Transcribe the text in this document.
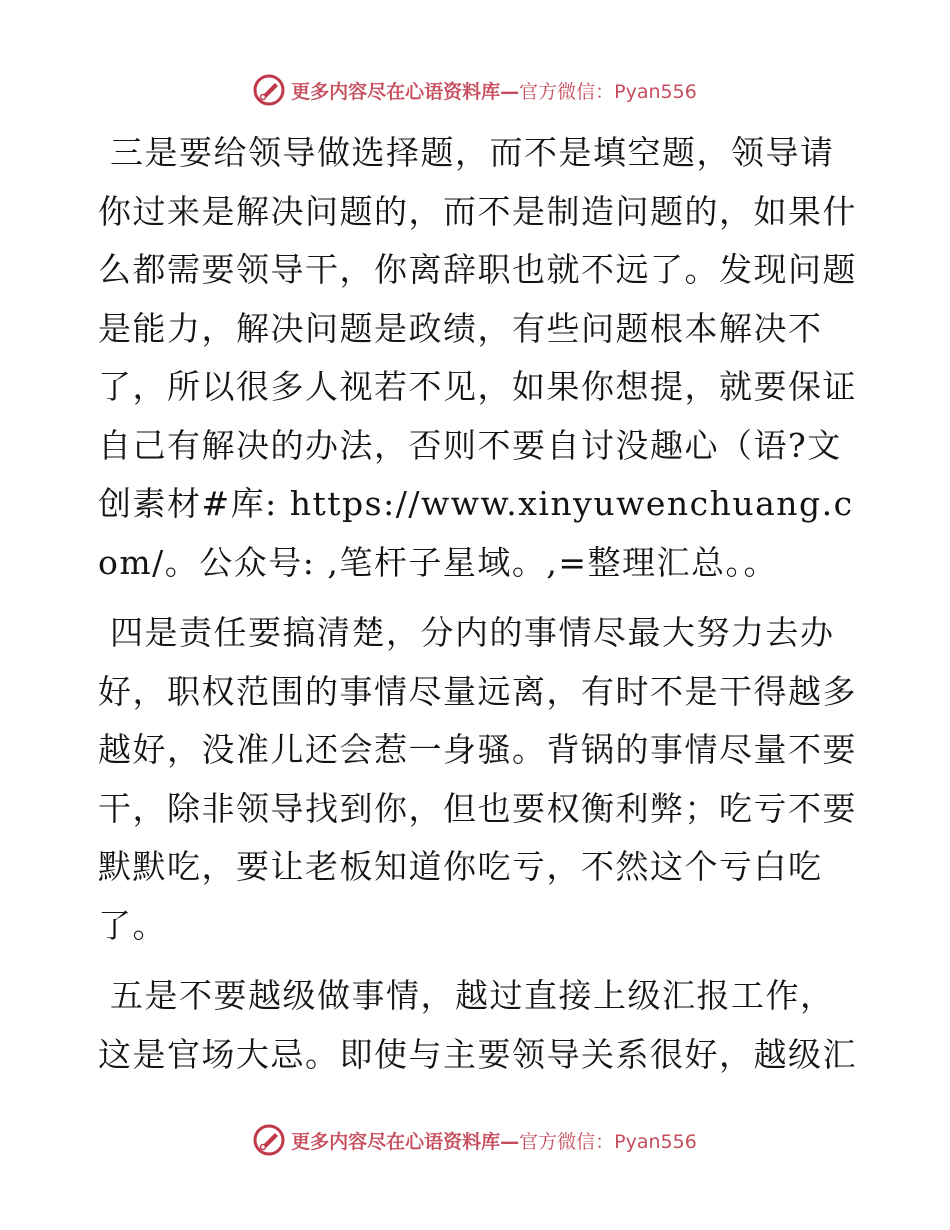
更多内容尽在心语资料库—官方微信：Pyan556

三是要给领导做选择题，而不是填空题，领导请你过来是解决问题的，而不是制造问题的，如果什么都需要领导干，你离辞职也就不远了。发现问题是能力，解决问题是政绩，有些问题根本解决不了，所以很多人视若不见，如果你想提，就要保证自己有解决的办法，否则不要自讨没趣心（语?文创素材#库: https://www.xinyuwenchuang.com/。公众号: ,笔杆子星域。,=整理汇总。。

四是责任要搞清楚，分内的事情尽最大努力去办好，职权范围的事情尽量远离，有时不是干得越多越好，没准儿还会惹一身骚。背锅的事情尽量不要干，除非领导找到你，但也要权衡利弊；吃亏不要默默吃，要让老板知道你吃亏，不然这个亏白吃了。

五是不要越级做事情，越过直接上级汇报工作，这是官场大忌。即使与主要领导关系很好，越级汇

更多内容尽在心语资料库—官方微信：Pyan556
